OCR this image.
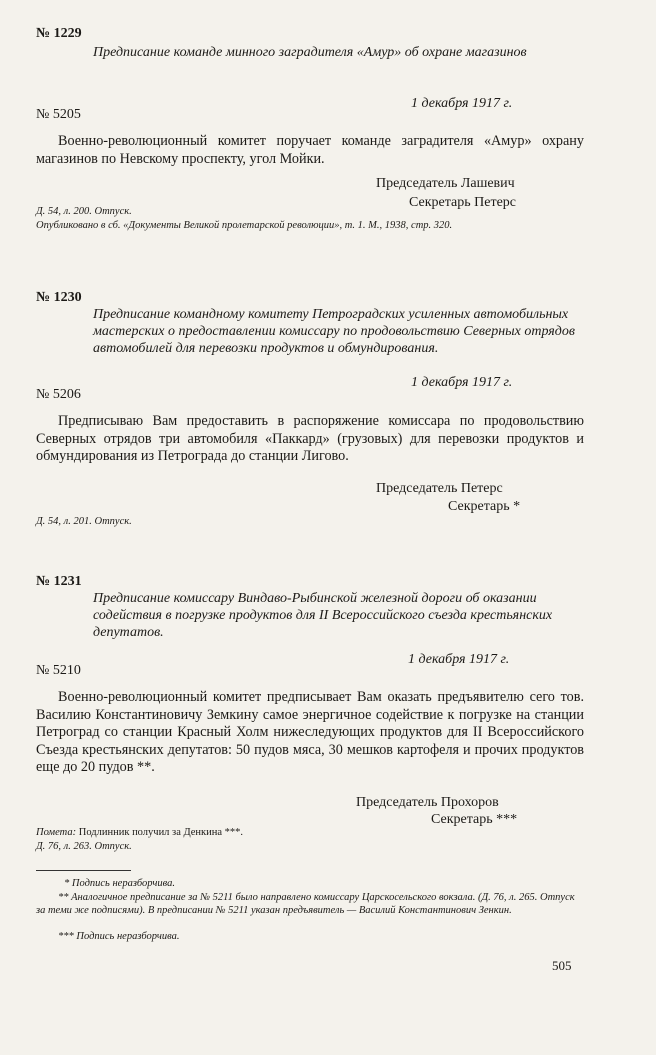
№ 1229
Предписание команде минного заградителя «Амур» об охране магазинов
1 декабря 1917 г.
№ 5205

Военно-революционный комитет поручает команде заградителя «Амур» охрану магазинов по Невскому проспекту, угол Мойки.

Председатель Лашевич
Секретарь Петерс
Д. 54, л. 200. Отпуск.
Опубликовано в сб. «Документы Великой пролетарской революции», т. 1. М., 1938, стр. 320.
№ 1230
Предписание командному комитету Петроградских усиленных автомобильных мастерских о предоставлении комиссару по продовольствию Северных отрядов автомобилей для перевозки продуктов и обмундирования.
1 декабря 1917 г.
№ 5206

Предписываю Вам предоставить в распоряжение комиссара по продовольствию Северных отрядов три автомобиля «Паккард» (грузовых) для перевозки продуктов и обмундирования из Петрограда до станции Лигово.

Председатель Петерс
Секретарь *
Д. 54, л. 201. Отпуск.
№ 1231
Предписание комиссару Виндаво-Рыбинской железной дороги об оказании содействия в погрузке продуктов для II Всероссийского съезда крестьянских депутатов.
1 декабря 1917 г.
№ 5210

Военно-революционный комитет предписывает Вам оказать предъявителю сего тов. Василию Константиновичу Земкину самое энергичное содействие к погрузке на станции Петроград со станции Красный Холм нижеследующих продуктов для II Всероссийского Съезда крестьянских депутатов: 50 пудов мяса, 30 мешков картофеля и прочих продуктов еще до 20 пудов **.

Председатель Прохоров
Секретарь ***
Помета: Подлинник получил за Денкина ***.
Д. 76, л. 263. Отпуск.
* Подпись неразборчива.
** Аналогичное предписание за № 5211 было направлено комиссару Царскосельского вокзала. (Д. 76, л. 265. Отпуск за теми же подписями). В предписании № 5211 указан предъявитель — Василий Константинович Зенкин.
*** Подпись неразборчива.
505
